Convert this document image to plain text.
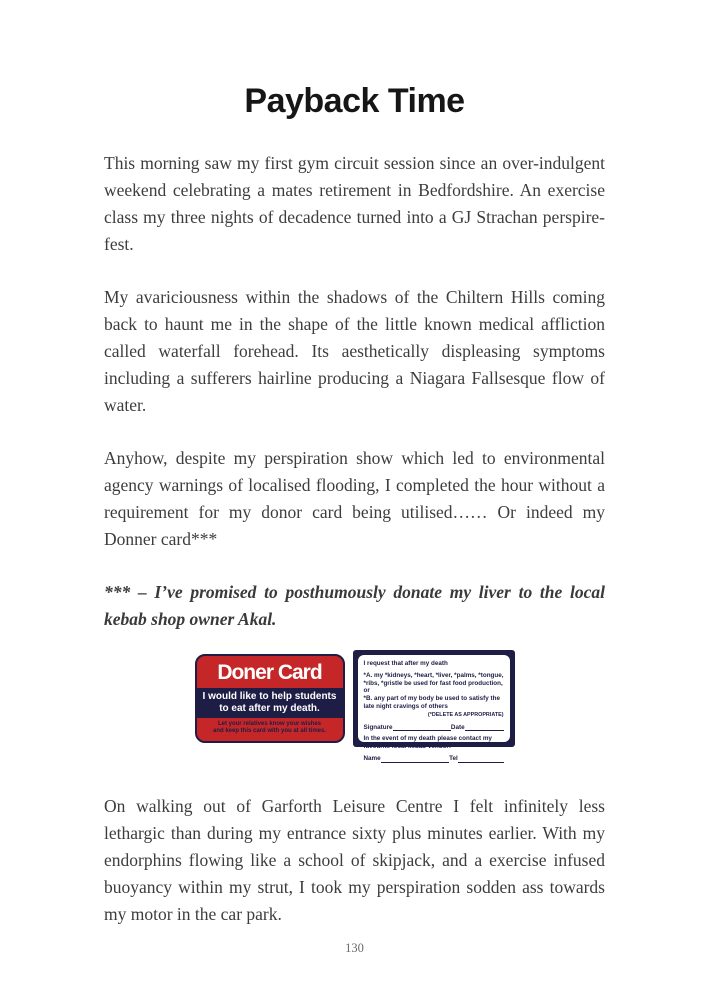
Payback Time

This morning saw my first gym circuit session since an over-indulgent weekend celebrating a mates retirement in Bedfordshire. An exercise class my three nights of decadence turned into a GJ Strachan perspire-fest.

My avariciousness within the shadows of the Chiltern Hills coming back to haunt me in the shape of the little known medical affliction called waterfall forehead. Its aesthetically displeasing symptoms including a sufferers hairline producing a Niagara Fallsesque flow of water.

Anyhow, despite my perspiration show which led to environmental agency warnings of localised flooding, I completed the hour without a requirement for my donor card being utilised…… Or indeed my Donner card***

*** – I’ve promised to posthumously donate my liver to the local kebab shop owner Akal.

Doner Card
I would like to help students to eat after my death.
Let your relatives know your wishes and keep this card with you at all times.
I request that after my death
*A. my *kidneys, *heart, *liver, *palms, *tongue, *ribs, *gristle be used for fast food production, or
*B. any part of my body be used to satisfy the late night cravings of others
(*DELETE AS APPROPRIATE)
Signature	Date
In the event of my death please contact my favourite local kebab vendor:
Name	Tel

On walking out of Garforth Leisure Centre I felt infinitely less lethargic than during my entrance sixty plus minutes earlier. With my endorphins flowing like a school of skipjack, and a exercise infused buoyancy within my strut, I took my perspiration sodden ass towards my motor in the car park.

130
